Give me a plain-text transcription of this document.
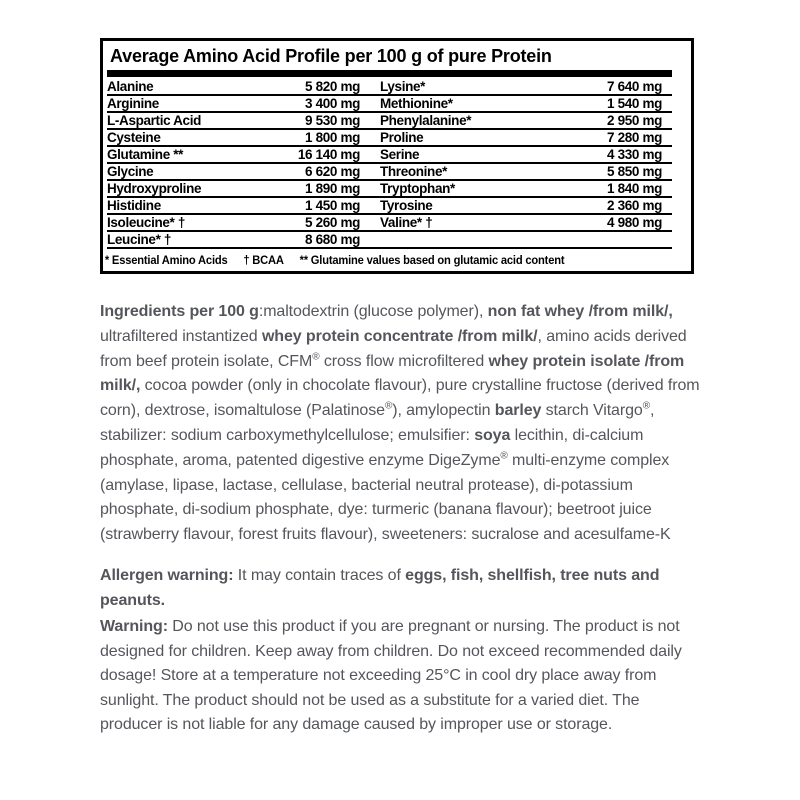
Average Amino Acid Profile per 100 g of pure Protein
Alanine	5 820 mg Lysine*	7 640 mg
Arginine	3 400 mg Methionine*	1 540 mg
L-Aspartic Acid	9 530 mg Phenylalanine*	2 950 mg
Cysteine	1 800 mg Proline	7 280 mg
Glutamine **	16 140 mg Serine	4 330 mg
Glycine	6 620 mg Threonine*	5 850 mg
Hydroxyproline	1 890 mg Tryptophan*	1 840 mg
Histidine	1 450 mg Tyrosine	2 360 mg
Isoleucine* †	5 260 mg Valine* †	4 980 mg
Leucine* †	8 680 mg
* Essential Amino Acids † BCAA ** Glutamine values based on glutamic acid content

Ingredients per 100 g:maltodextrin (glucose polymer), non fat whey /from milk/, ultrafiltered instantized whey protein concentrate /from milk/, amino acids derived from beef protein isolate, CFM® cross flow microfiltered whey protein isolate /from milk/, cocoa powder (only in chocolate flavour), pure crystalline fructose (derived from corn), dextrose, isomaltulose (Palatinose®), amylopectin barley starch Vitargo®, stabilizer: sodium carboxymethylcellulose; emulsifier: soya lecithin, di-calcium phosphate, aroma, patented digestive enzyme DigeZyme® multi-enzyme complex (amylase, lipase, lactase, cellulase, bacterial neutral protease), di-potassium phosphate, di-sodium phosphate, dye: turmeric (banana flavour); beetroot juice (strawberry flavour, forest fruits flavour), sweeteners: sucralose and acesulfame-K

Allergen warning: It may contain traces of eggs, fish, shellfish, tree nuts and peanuts.

Warning: Do not use this product if you are pregnant or nursing. The product is not designed for children. Keep away from children. Do not exceed recommended daily dosage! Store at a temperature not exceeding 25°C in cool dry place away from sunlight. The product should not be used as a substitute for a varied diet. The producer is not liable for any damage caused by improper use or storage.
